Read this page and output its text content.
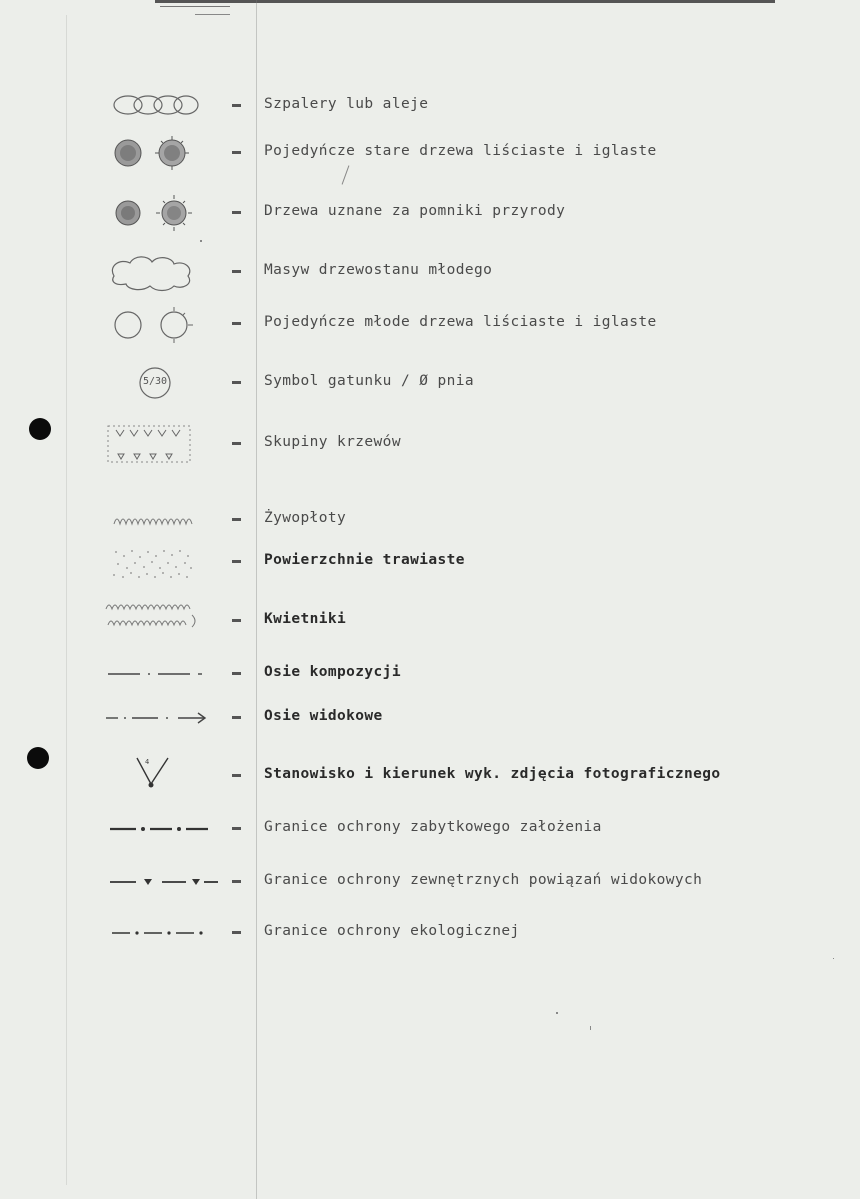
Szpalery lub aleje
Pojedyńcze stare drzewa liściaste i iglaste
Drzewa uznane za pomniki przyrody
Masyw drzewostanu młodego
Pojedyńcze młode drzewa liściaste i iglaste
5/30	Symbol gatunku / Ø pnia
Skupiny krzewów
Żywopłoty
Powierzchnie trawiaste
Kwietniki
Osie kompozycji
Osie widokowe
4
Stanowisko i kierunek wyk. zdjęcia fotograficznego
Granice ochrony zabytkowego założenia
Granice ochrony zewnętrznych powiązań widokowych
Granice ochrony ekologicznej
